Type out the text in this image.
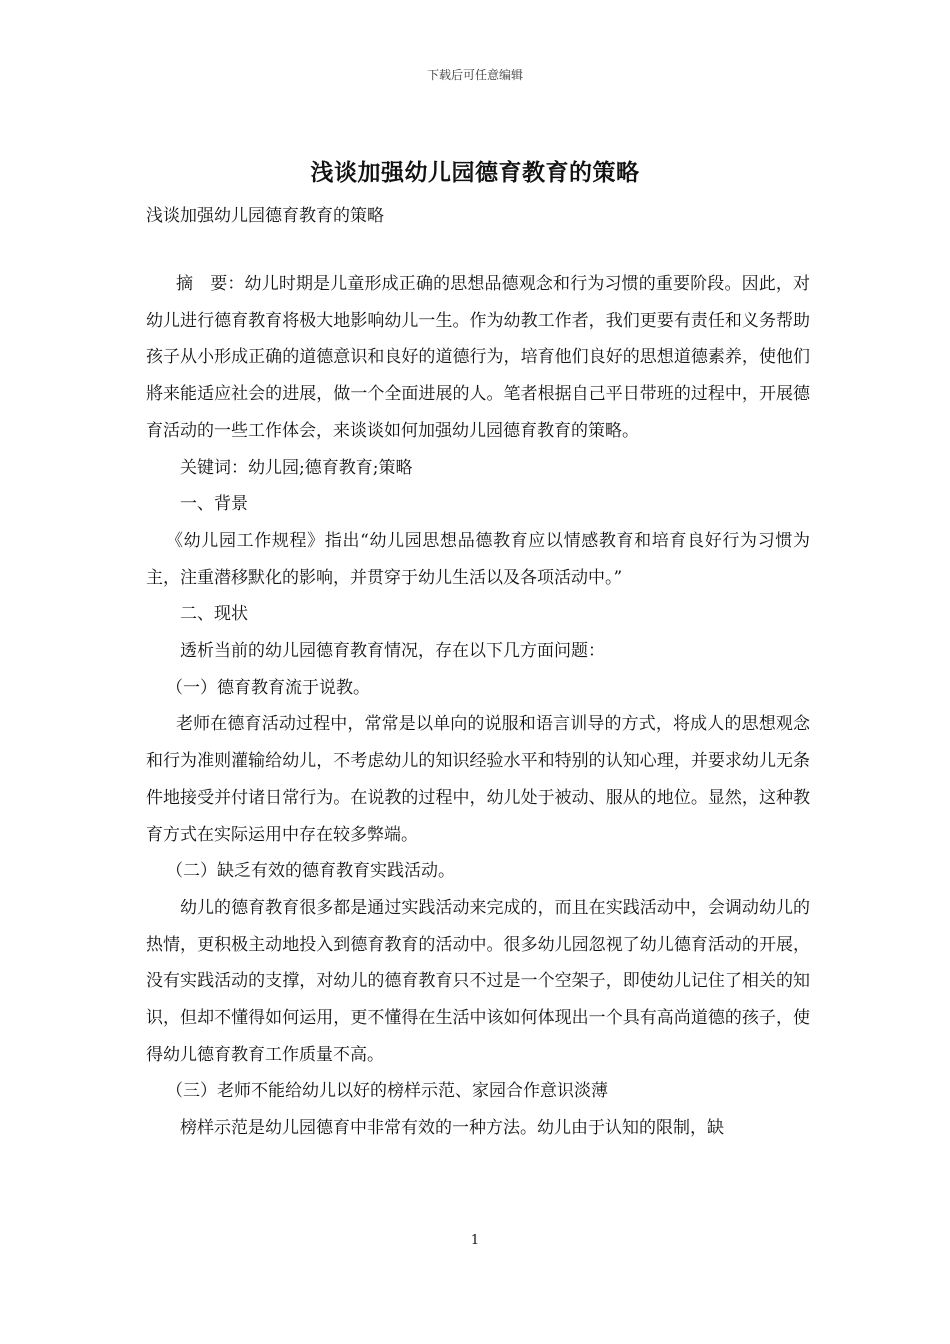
下载后可任意编辑
浅谈加强幼儿园德育教育的策略
浅谈加强幼儿园德育教育的策略

摘　要：幼儿时期是儿童形成正确的思想品德观念和行为习惯的重要阶段。因此，对幼儿进行德育教育将极大地影响幼儿一生。作为幼教工作者，我们更要有责任和义务帮助孩子从小形成正确的道德意识和良好的道德行为，培育他们良好的思想道德素养，使他们將来能适应社会的进展，做一个全面进展的人。笔者根据自己平日带班的过程中，开展德育活动的一些工作体会，来谈谈如何加强幼儿园德育教育的策略。

关键词：幼儿园;德育教育;策略

一、背景

《幼儿园工作规程》指出“幼儿园思想品德教育应以情感教育和培育良好行为习惯为主，注重潜移默化的影响，并贯穿于幼儿生活以及各项活动中。”

二、现状

透析当前的幼儿园德育教育情况，存在以下几方面问题：

（一）德育教育流于说教。

老师在德育活动过程中，常常是以单向的说服和语言训导的方式，将成人的思想观念和行为准则灌输给幼儿，不考虑幼儿的知识经验水平和特别的认知心理，并要求幼儿无条件地接受并付诸日常行为。在说教的过程中，幼儿处于被动、服从的地位。显然，这种教育方式在实际运用中存在较多弊端。

（二）缺乏有效的德育教育实践活动。

幼儿的德育教育很多都是通过实践活动来完成的，而且在实践活动中，会调动幼儿的热情，更积极主动地投入到德育教育的活动中。很多幼儿园忽视了幼儿德育活动的开展，没有实践活动的支撑，对幼儿的德育教育只不过是一个空架子，即使幼儿记住了相关的知识，但却不懂得如何运用，更不懂得在生活中该如何体现出一个具有高尚道德的孩子，使得幼儿德育教育工作质量不高。

（三）老师不能给幼儿以好的榜样示范、家园合作意识淡薄

榜样示范是幼儿园德育中非常有效的一种方法。幼儿由于认知的限制，缺

1
